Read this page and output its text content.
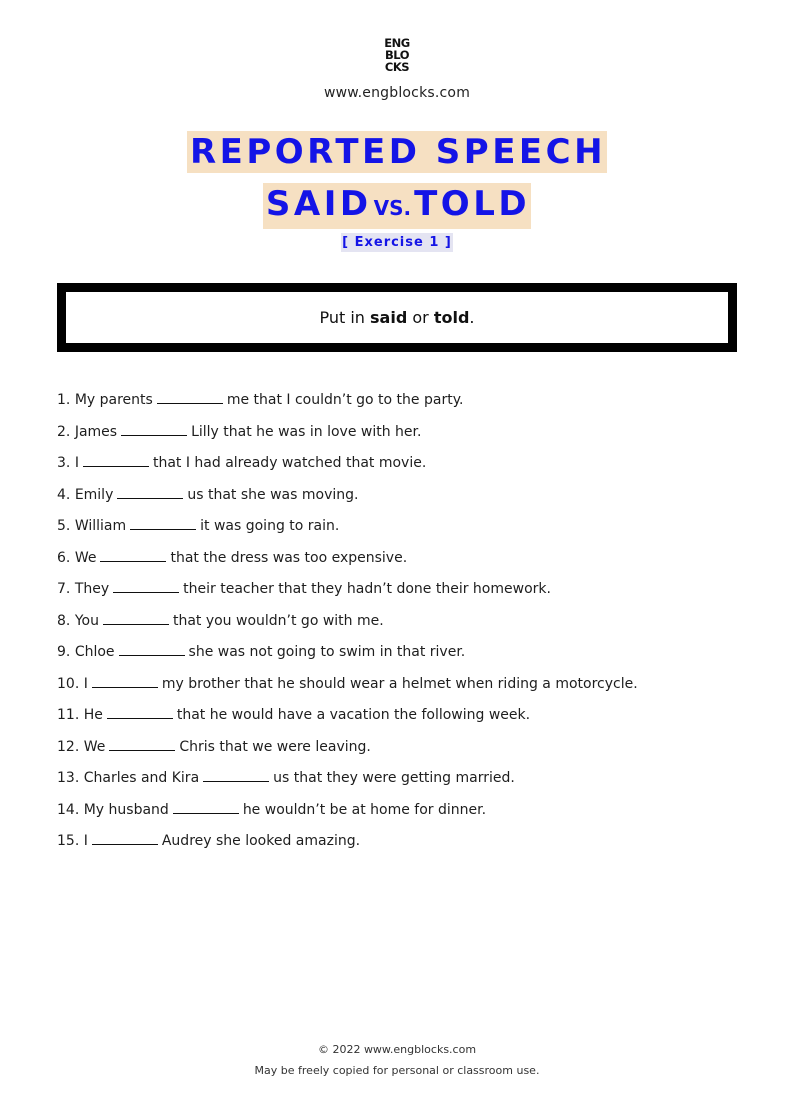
ENG
BLO
CKS
www.engblocks.com
REPORTED SPEECH
SAID VS.TOLD
[ Exercise 1 ]
Put in said or told.
1. My parents	me that I couldn’t go to the party.
2. James	Lilly that he was in love with her.
3. I	that I had already watched that movie.
4. Emily	us that she was moving.
5. William	it was going to rain.
6. We	that the dress was too expensive.
7. They	their teacher that they hadn’t done their homework.
8. You	that you wouldn’t go with me.
9. Chloe	she was not going to swim in that river.
10. I	my brother that he should wear a helmet when riding a motorcycle.
11. He	that he would have a vacation the following week.
12. We	Chris that we were leaving.
13. Charles and Kira	us that they were getting married.
14. My husband	he wouldn’t be at home for dinner.
15. I	Audrey she looked amazing.
© 2022 www.engblocks.com
May be freely copied for personal or classroom use.
